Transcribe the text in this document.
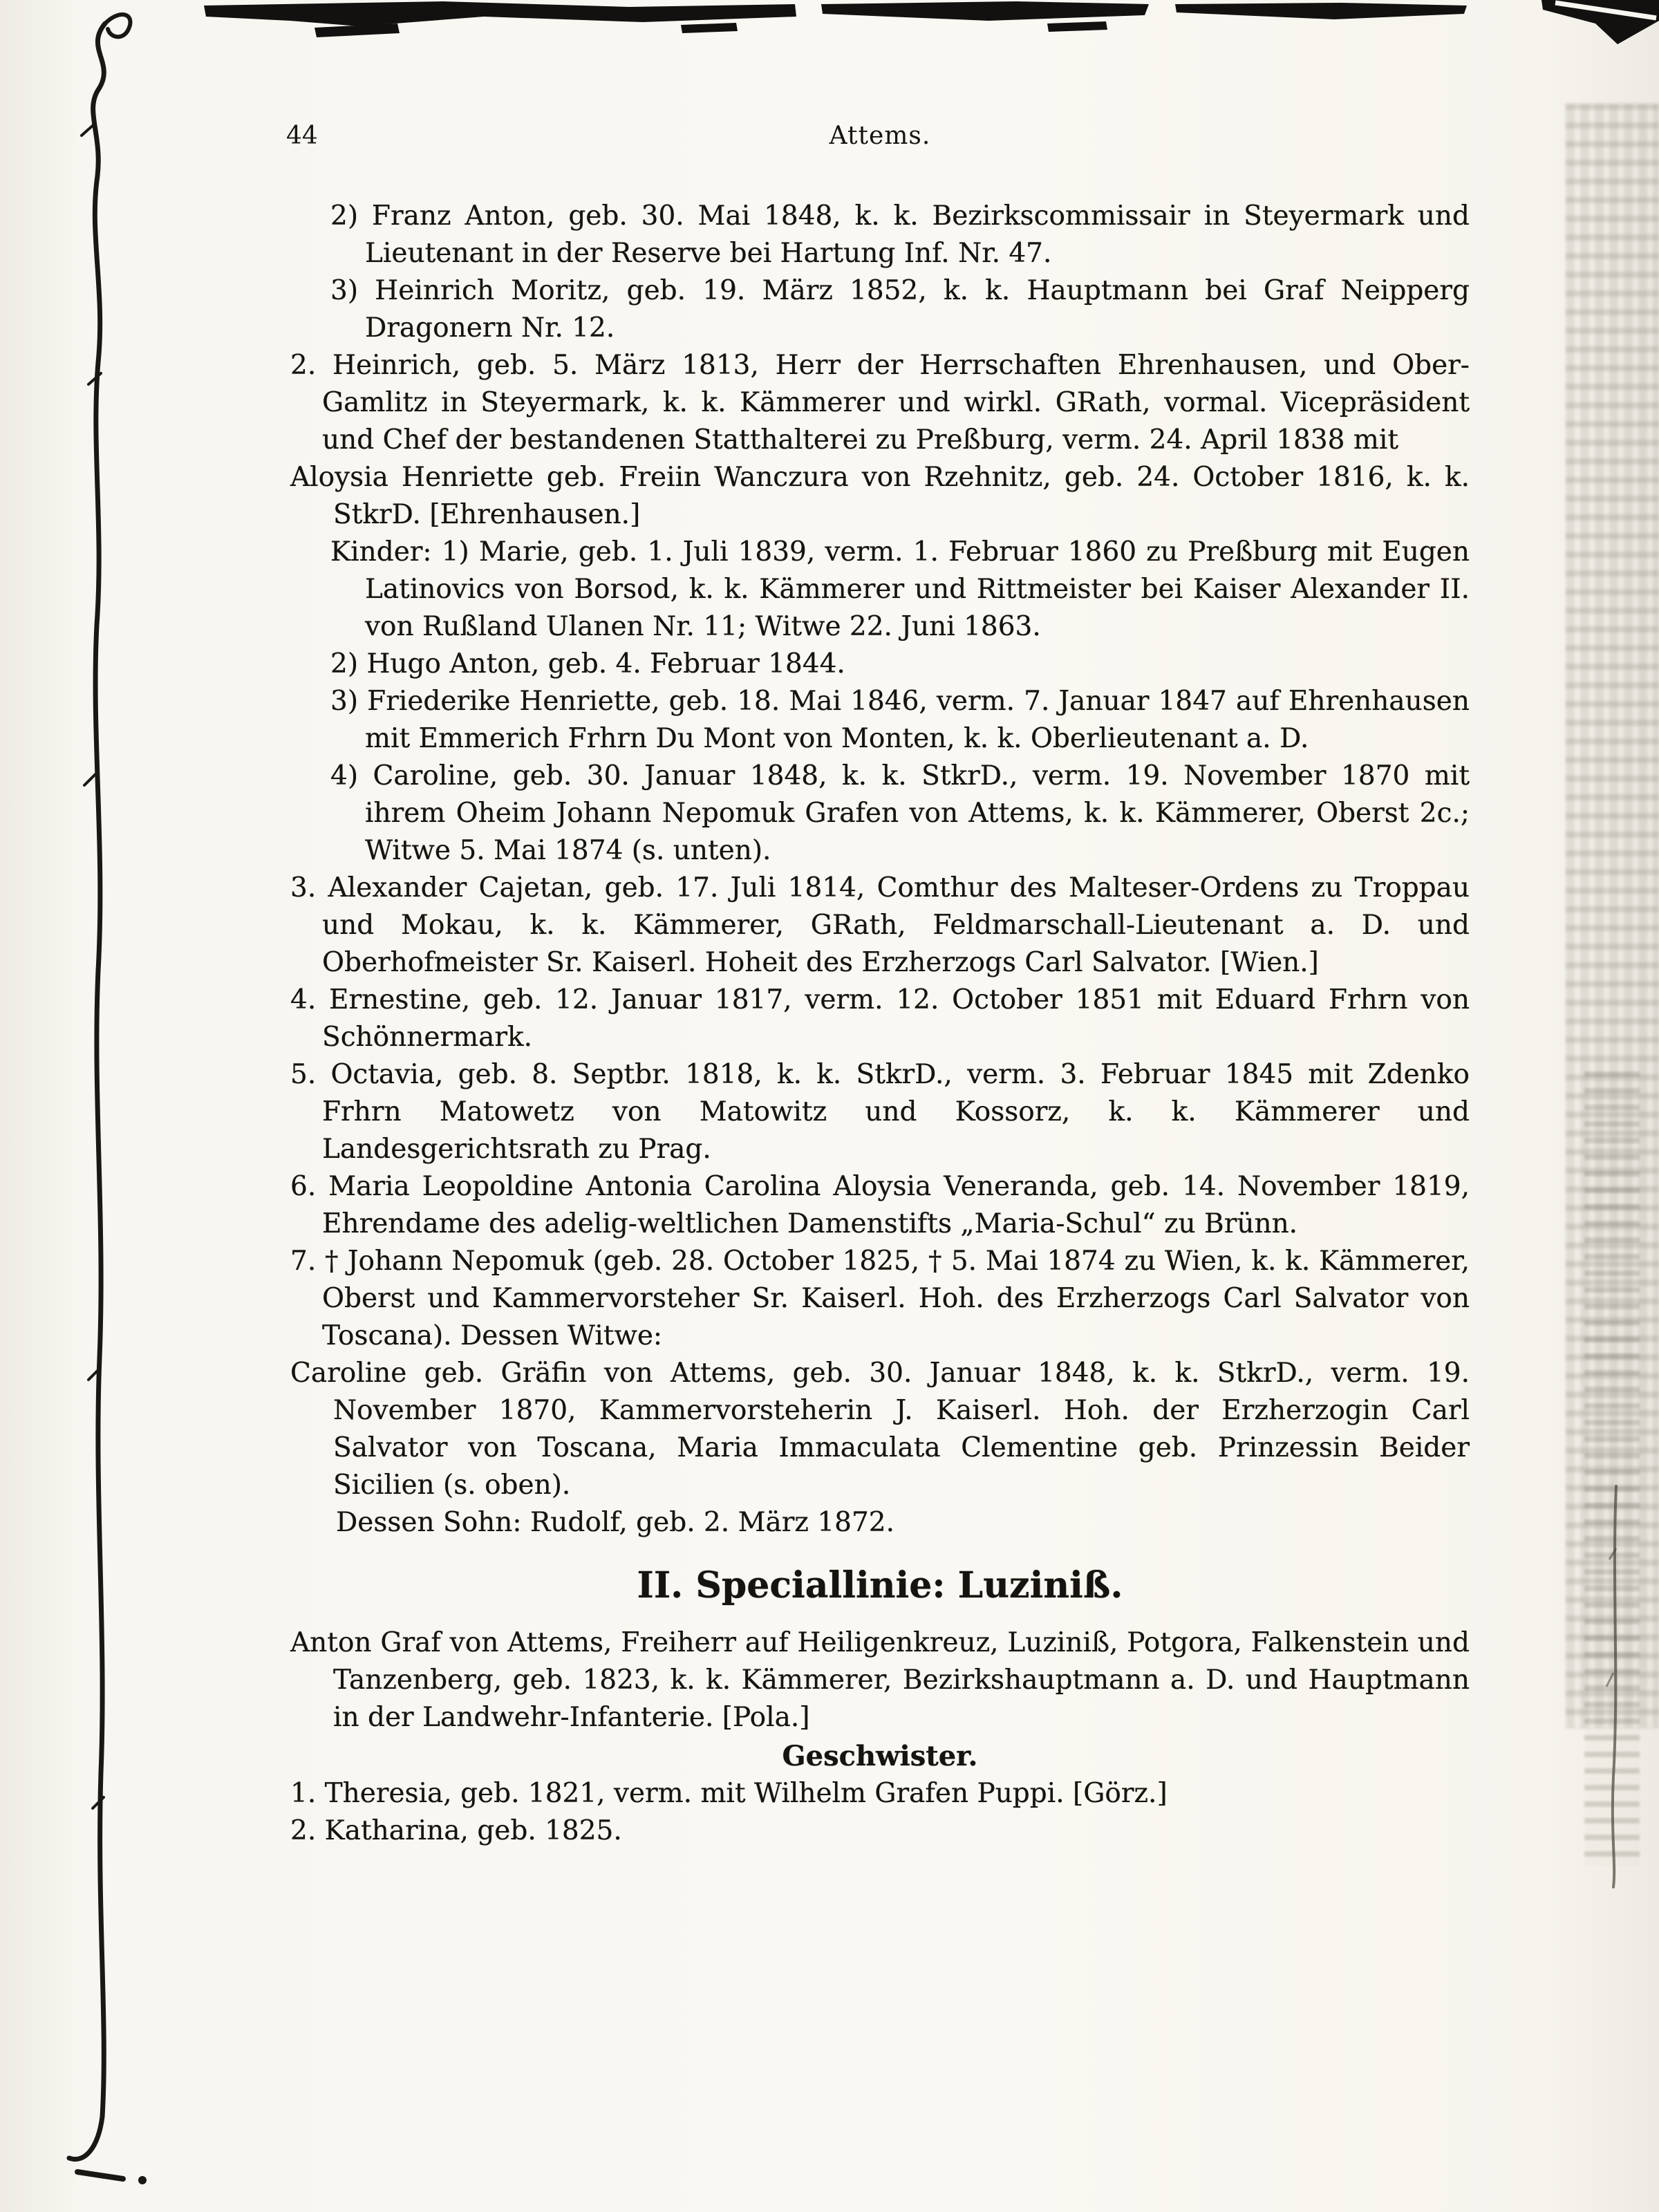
44	Attems.

2) Franz Anton, geb. 30. Mai 1848, k. k. Bezirkscommissair in Steyermark und Lieutenant in der Reserve bei Hartung Inf. Nr. 47.

3) Heinrich Moritz, geb. 19. März 1852, k. k. Hauptmann bei Graf Neipperg Dragonern Nr. 12.

2. Heinrich, geb. 5. März 1813, Herr der Herrschaften Ehrenhausen, und Ober-Gamlitz in Steyermark, k. k. Kämmerer und wirkl. GRath, vormal. Vicepräsident und Chef der bestandenen Statthalterei zu Preßburg, verm. 24. April 1838 mit

Aloysia Henriette geb. Freiin Wanczura von Rzehnitz, geb. 24. October 1816, k. k. StkrD. [Ehrenhausen.]

Kinder: 1) Marie, geb. 1. Juli 1839, verm. 1. Februar 1860 zu Preßburg mit Eugen Latinovics von Borsod, k. k. Kämmerer und Rittmeister bei Kaiser Alexander II. von Rußland Ulanen Nr. 11; Witwe 22. Juni 1863.

2) Hugo Anton, geb. 4. Februar 1844.

3) Friederike Henriette, geb. 18. Mai 1846, verm. 7. Januar 1847 auf Ehrenhausen mit Emmerich Frhrn Du Mont von Monten, k. k. Oberlieutenant a. D.

4) Caroline, geb. 30. Januar 1848, k. k. StkrD., verm. 19. November 1870 mit ihrem Oheim Johann Nepomuk Grafen von Attems, k. k. Kämmerer, Oberst 2c.; Witwe 5. Mai 1874 (s. unten).

3. Alexander Cajetan, geb. 17. Juli 1814, Comthur des Malteser-Ordens zu Troppau und Mokau, k. k. Kämmerer, GRath, Feldmarschall-Lieutenant a. D. und Oberhofmeister Sr. Kaiserl. Hoheit des Erzherzogs Carl Salvator. [Wien.]

4. Ernestine, geb. 12. Januar 1817, verm. 12. October 1851 mit Eduard Frhrn von Schönnermark.

5. Octavia, geb. 8. Septbr. 1818, k. k. StkrD., verm. 3. Februar 1845 mit Zdenko Frhrn Matowetz von Matowitz und Kossorz, k. k. Kämmerer und Landesgerichtsrath zu Prag.

6. Maria Leopoldine Antonia Carolina Aloysia Veneranda, geb. 14. November 1819, Ehrendame des adelig-weltlichen Damenstifts „Maria-Schul“ zu Brünn.

7. † Johann Nepomuk (geb. 28. October 1825, † 5. Mai 1874 zu Wien, k. k. Kämmerer, Oberst und Kammervorsteher Sr. Kaiserl. Hoh. des Erzherzogs Carl Salvator von Toscana). Dessen Witwe:

Caroline geb. Gräfin von Attems, geb. 30. Januar 1848, k. k. StkrD., verm. 19. November 1870, Kammervorsteherin J. Kaiserl. Hoh. der Erzherzogin Carl Salvator von Toscana, Maria Immaculata Clementine geb. Prinzessin Beider Sicilien (s. oben).

Dessen Sohn: Rudolf, geb. 2. März 1872.

II. Speciallinie: Luziniß.

Anton Graf von Attems, Freiherr auf Heiligenkreuz, Luziniß, Potgora, Falkenstein und Tanzenberg, geb. 1823, k. k. Kämmerer, Bezirkshauptmann a. D. und Hauptmann in der Landwehr-Infanterie. [Pola.]

Geschwister.

1. Theresia, geb. 1821, verm. mit Wilhelm Grafen Puppi. [Görz.]

2. Katharina, geb. 1825.
